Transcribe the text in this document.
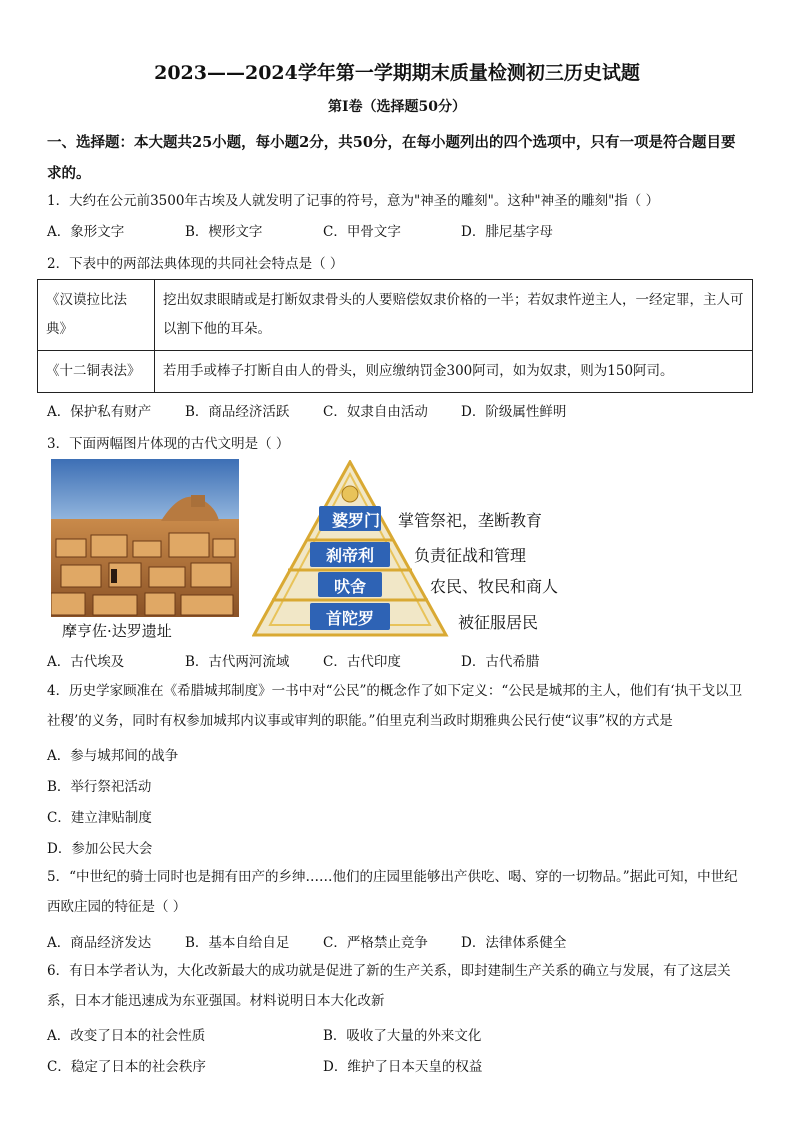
2023——2024学年第一学期期末质量检测初三历史试题
第Ⅰ卷（选择题50分）
一、选择题：本大题共25小题，每小题2分，共50分，在每小题列出的四个选项中，只有一项是符合题目要求的。
1．大约在公元前3500年古埃及人就发明了记事的符号，意为"神圣的雕刻"。这种"神圣的雕刻"指（ ）
A．象形文字	B．楔形文字	C．甲骨文字	D．腓尼基字母
2．下表中的两部法典体现的共同社会特点是（ ）
《汉谟拉比法典》	挖出奴隶眼睛或是打断奴隶骨头的人要赔偿奴隶价格的一半；若奴隶忤逆主人，一经定罪，主人可以割下他的耳朵。
《十二铜表法》	若用手或棒子打断自由人的骨头，则应缴纳罚金300阿司，如为奴隶，则为150阿司。
A．保护私有财产	B．商品经济活跃 C．奴隶自由活动 D．阶级属性鲜明
3．下面两幅图片体现的古代文明是（ ）
摩亨佐·达罗遗址
婆罗门 掌管祭祀，垄断教育
刹帝利 负责征战和管理
吠舍	农民、牧民和商人
首陀罗	被征服居民
A．古代埃及	B．古代两河流域 C．古代印度	D．古代希腊
4．历史学家顾准在《希腊城邦制度》一书中对“公民”的概念作了如下定义：“公民是城邦的主人，他们有‘执干戈以卫社稷’的义务，同时有权参加城邦内议事或审判的职能。”伯里克利当政时期雅典公民行使“议事”权的方式是
A．参与城邦间的战争
B．举行祭祀活动
C．建立津贴制度
D．参加公民大会
5．“中世纪的骑士同时也是拥有田产的乡绅……他们的庄园里能够出产供吃、喝、穿的一切物品。”据此可知，中世纪西欧庄园的特征是（ ）
A．商品经济发达	B．基本自给自足 C．严格禁止竞争 D．法律体系健全
6．有日本学者认为，大化改新最大的成功就是促进了新的生产关系，即封建制生产关系的确立与发展，有了这层关系，日本才能迅速成为东亚强国。材料说明日本大化改新
A．改变了日本的社会性质	B．吸收了大量的外来文化
C．稳定了日本的社会秩序	D．维护了日本天皇的权益
